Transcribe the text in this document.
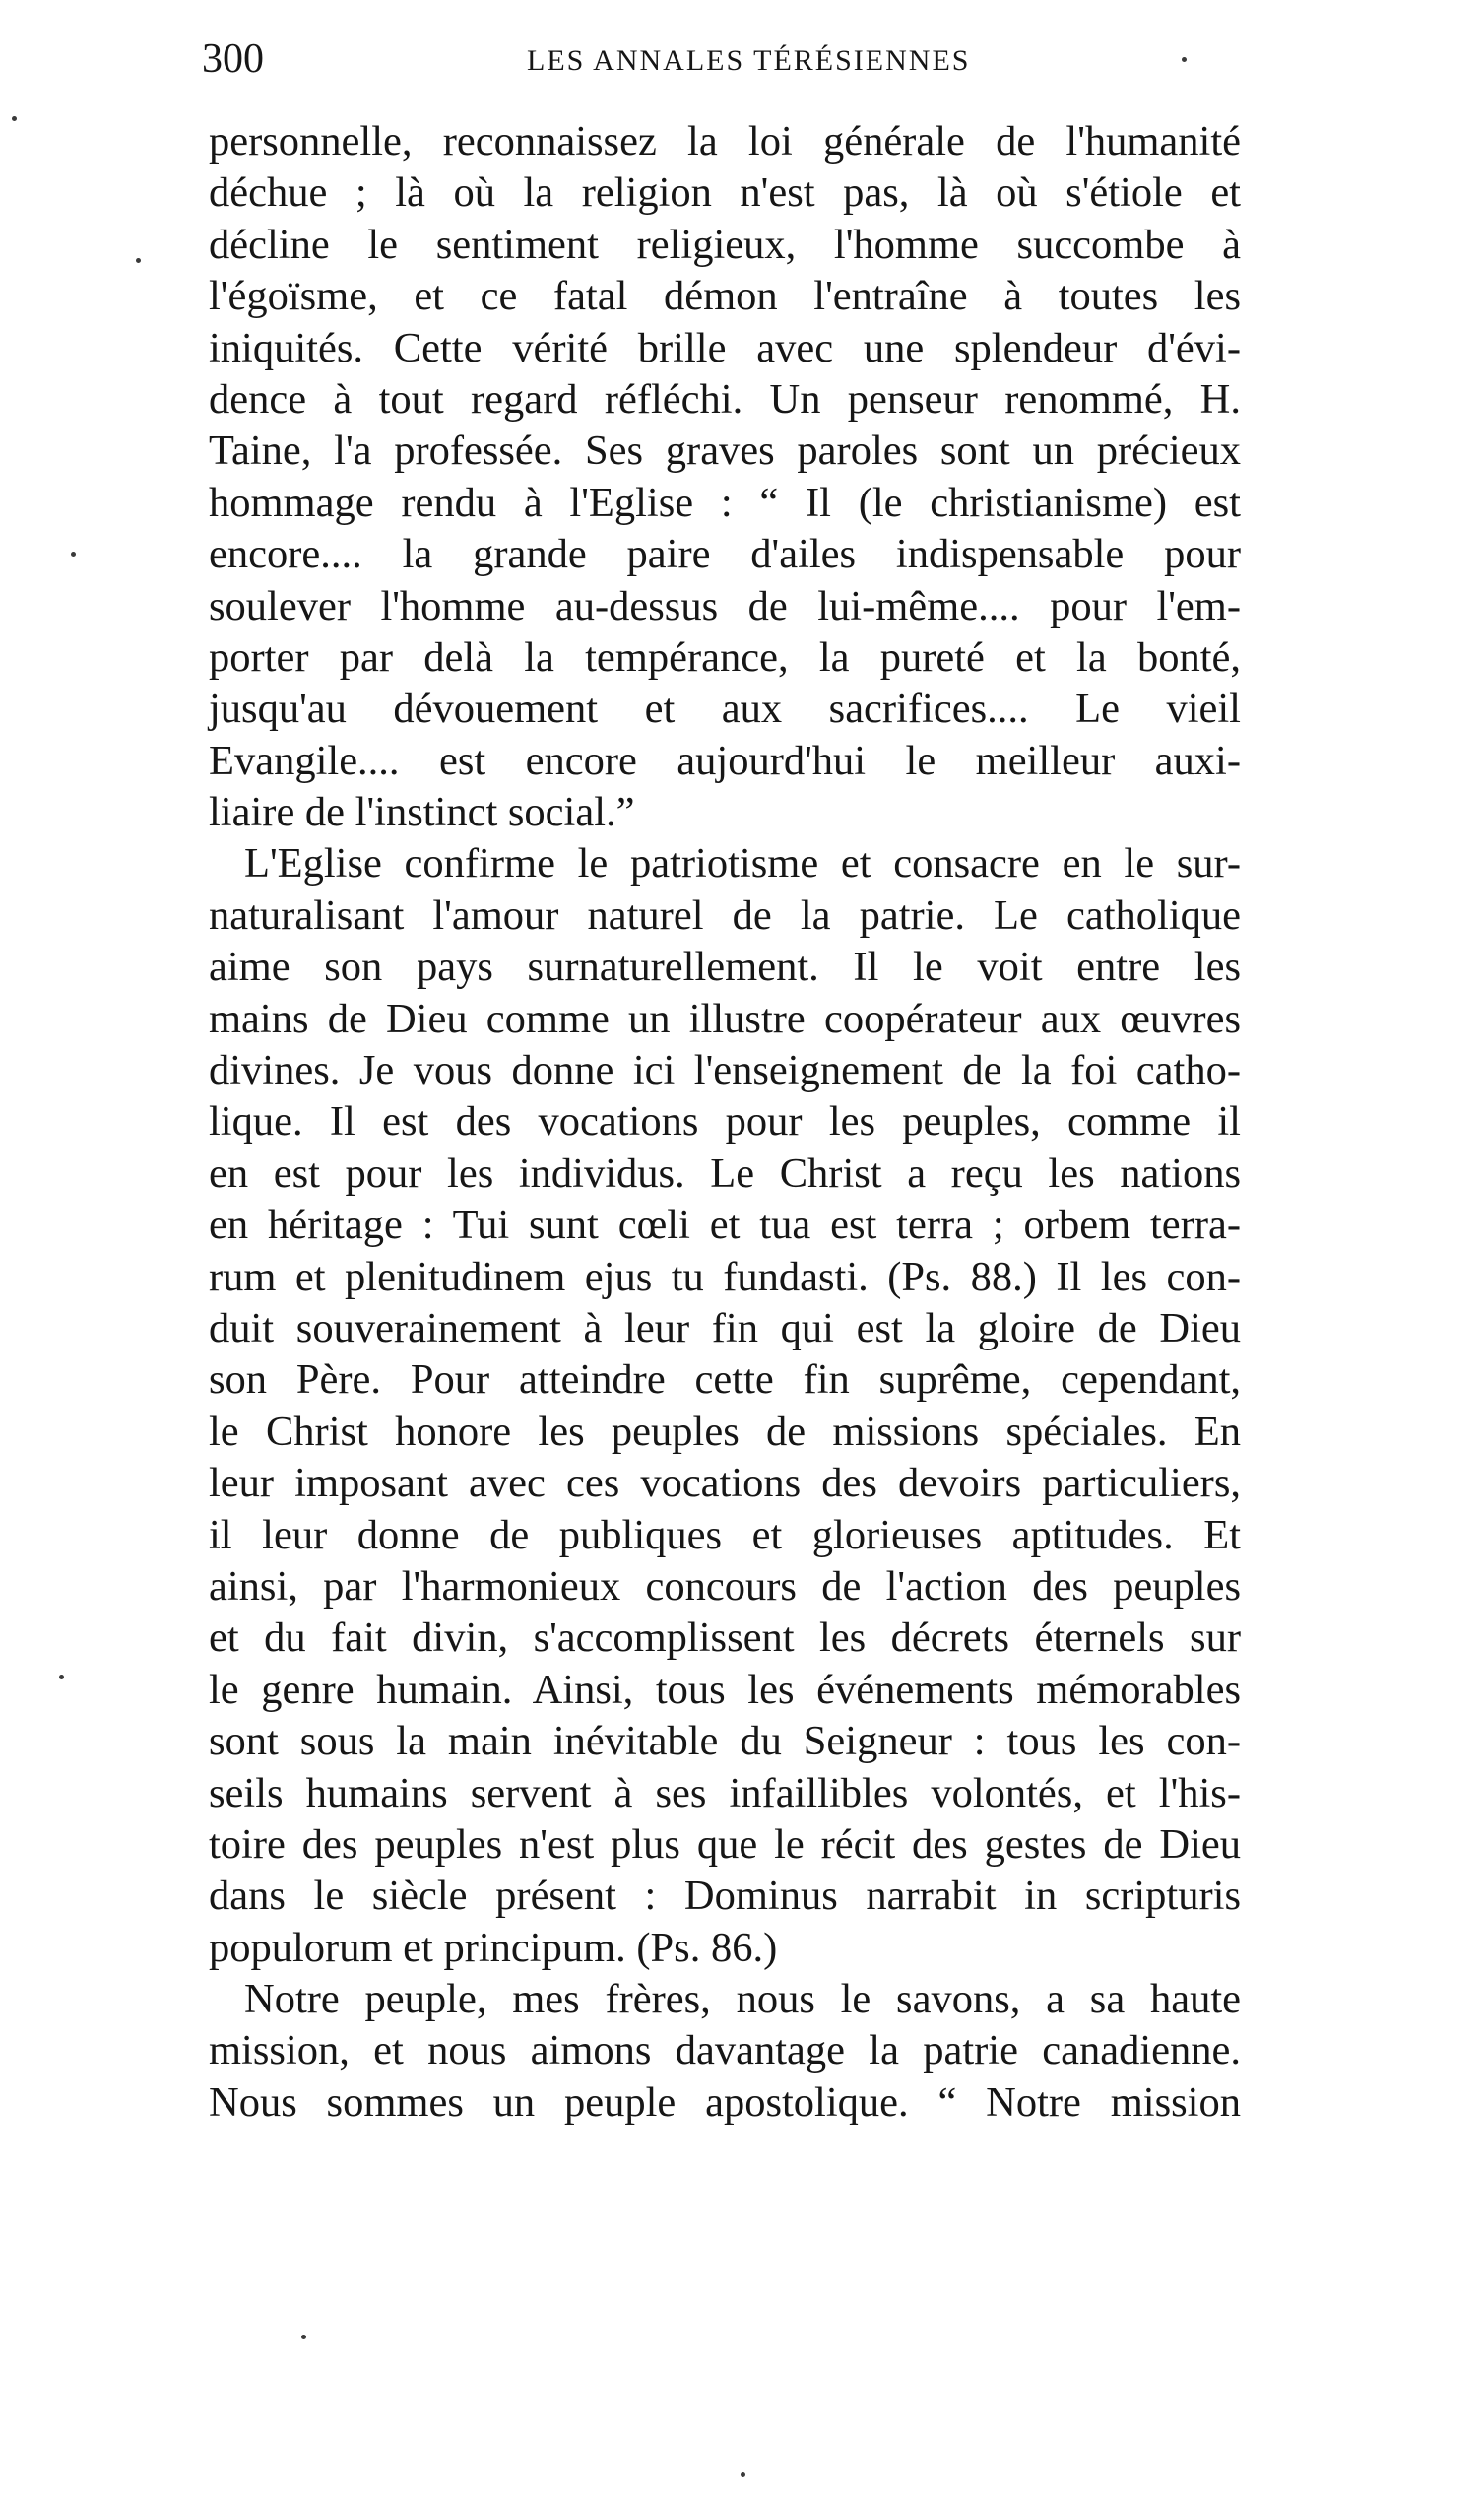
300	LES ANNALES TÉRÉSIENNES
personnelle, reconnaissez la loi générale de l'humanité
déchue ; là où la religion n'est pas, là où s'étiole et
décline le sentiment religieux, l'homme succombe à
l'égoïsme, et ce fatal démon l'entraîne à toutes les
iniquités. Cette vérité brille avec une splendeur d'évi-
dence à tout regard réfléchi. Un penseur renommé, H.
Taine, l'a professée. Ses graves paroles sont un précieux
hommage rendu à l'Eglise : “ Il (le christianisme) est
encore.... la grande paire d'ailes indispensable pour
soulever l'homme au-dessus de lui-même.... pour l'em-
porter par delà la tempérance, la pureté et la bonté,
jusqu'au dévouement et aux sacrifices.... Le vieil
Evangile.... est encore aujourd'hui le meilleur auxi-
liaire de l'instinct social.”
L'Eglise confirme le patriotisme et consacre en le sur-
naturalisant l'amour naturel de la patrie. Le catholique
aime son pays surnaturellement. Il le voit entre les
mains de Dieu comme un illustre coopérateur aux œuvres
divines. Je vous donne ici l'enseignement de la foi catho-
lique. Il est des vocations pour les peuples, comme il
en est pour les individus. Le Christ a reçu les nations
en héritage : Tui sunt cœli et tua est terra ; orbem terra-
rum et plenitudinem ejus tu fundasti. (Ps. 88.) Il les con-
duit souverainement à leur fin qui est la gloire de Dieu
son Père. Pour atteindre cette fin suprême, cependant,
le Christ honore les peuples de missions spéciales. En
leur imposant avec ces vocations des devoirs particuliers,
il leur donne de publiques et glorieuses aptitudes. Et
ainsi, par l'harmonieux concours de l'action des peuples
et du fait divin, s'accomplissent les décrets éternels sur
le genre humain. Ainsi, tous les événements mémorables
sont sous la main inévitable du Seigneur : tous les con-
seils humains servent à ses infaillibles volontés, et l'his-
toire des peuples n'est plus que le récit des gestes de Dieu
dans le siècle présent : Dominus narrabit in scripturis
populorum et principum. (Ps. 86.)
Notre peuple, mes frères, nous le savons, a sa haute
mission, et nous aimons davantage la patrie canadienne.
Nous sommes un peuple apostolique. “ Notre mission
